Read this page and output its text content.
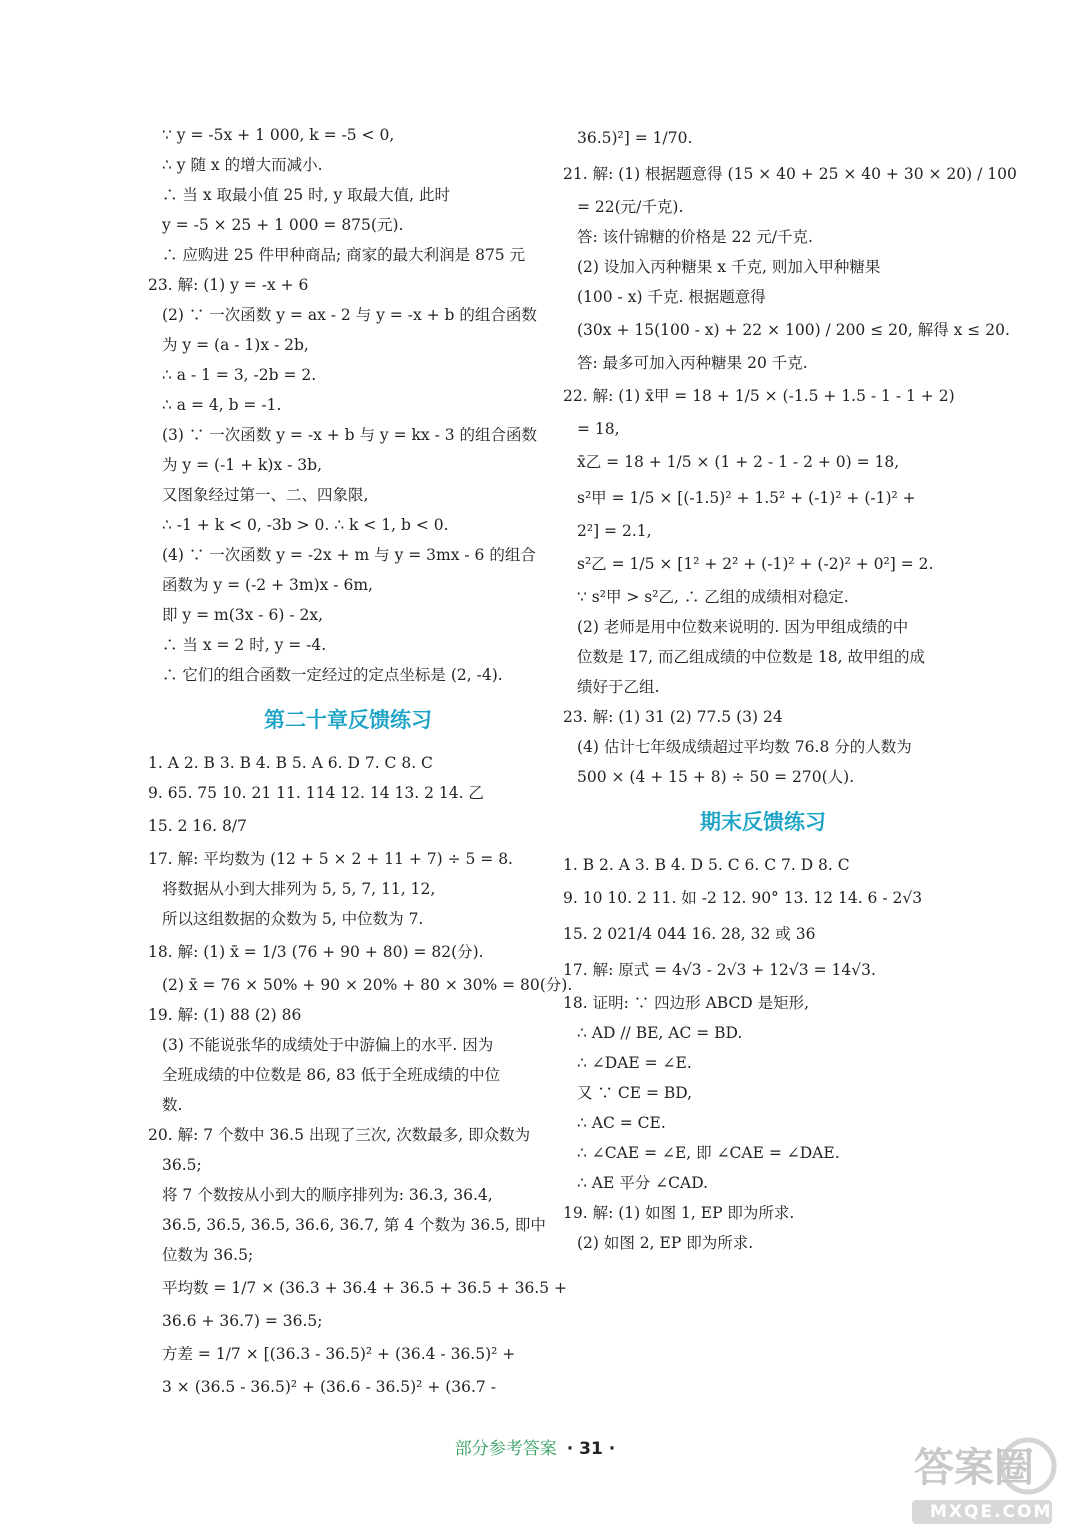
∵ y = -5x + 1 000, k = -5 < 0,
∴ y 随 x 的增大而减小.
∴ 当 x 取最小值 25 时, y 取最大值, 此时
y = -5 × 25 + 1 000 = 875(元).
∴ 应购进 25 件甲种商品; 商家的最大利润是 875 元
23. 解: (1) y = -x + 6
(2) ∵ 一次函数 y = ax - 2 与 y = -x + b 的组合函数
为 y = (a - 1)x - 2b,
∴ a - 1 = 3, -2b = 2.
∴ a = 4, b = -1.
(3) ∵ 一次函数 y = -x + b 与 y = kx - 3 的组合函数
为 y = (-1 + k)x - 3b,
又图象经过第一、二、四象限,
∴ -1 + k < 0, -3b > 0. ∴ k < 1, b < 0.
(4) ∵ 一次函数 y = -2x + m 与 y = 3mx - 6 的组合
函数为 y = (-2 + 3m)x - 6m,
即 y = m(3x - 6) - 2x,
∴ 当 x = 2 时, y = -4.
∴ 它们的组合函数一定经过的定点坐标是 (2, -4).
第二十章反馈练习
1. A 2. B 3. B 4. B 5. A 6. D 7. C 8. C
9. 65. 75 10. 21 11. 114 12. 14 13. 2 14. 乙
15. 2 16. 8/7
17. 解: 平均数为 (12 + 5 × 2 + 11 + 7) ÷ 5 = 8.
将数据从小到大排列为 5, 5, 7, 11, 12,
所以这组数据的众数为 5, 中位数为 7.
18. 解: (1) x̄ = 1/3 (76 + 90 + 80) = 82(分).
(2) x̄ = 76 × 50% + 90 × 20% + 80 × 30% = 80(分).
19. 解: (1) 88 (2) 86
(3) 不能说张华的成绩处于中游偏上的水平. 因为
全班成绩的中位数是 86, 83 低于全班成绩的中位
数.
20. 解: 7 个数中 36.5 出现了三次, 次数最多, 即众数为
36.5;
将 7 个数按从小到大的顺序排列为: 36.3, 36.4,
36.5, 36.5, 36.5, 36.6, 36.7, 第 4 个数为 36.5, 即中
位数为 36.5;
平均数 = 1/7 × (36.3 + 36.4 + 36.5 + 36.5 + 36.5 +
36.6 + 36.7) = 36.5;
方差 = 1/7 × [(36.3 - 36.5)² + (36.4 - 36.5)² +
3 × (36.5 - 36.5)² + (36.6 - 36.5)² + (36.7 -
36.5)²] = 1/70.
21. 解: (1) 根据题意得 (15 × 40 + 25 × 40 + 30 × 20) / 100
= 22(元/千克).
答: 该什锦糖的价格是 22 元/千克.
(2) 设加入丙种糖果 x 千克, 则加入甲种糖果
(100 - x) 千克. 根据题意得
(30x + 15(100 - x) + 22 × 100) / 200 ≤ 20, 解得 x ≤ 20.
答: 最多可加入丙种糖果 20 千克.
22. 解: (1) x̄甲 = 18 + 1/5 × (-1.5 + 1.5 - 1 - 1 + 2)
= 18,
x̄乙 = 18 + 1/5 × (1 + 2 - 1 - 2 + 0) = 18,
s²甲 = 1/5 × [(-1.5)² + 1.5² + (-1)² + (-1)² +
2²] = 2.1,
s²乙 = 1/5 × [1² + 2² + (-1)² + (-2)² + 0²] = 2.
∵ s²甲 > s²乙, ∴ 乙组的成绩相对稳定.
(2) 老师是用中位数来说明的. 因为甲组成绩的中
位数是 17, 而乙组成绩的中位数是 18, 故甲组的成
绩好于乙组.
23. 解: (1) 31 (2) 77.5 (3) 24
(4) 估计七年级成绩超过平均数 76.8 分的人数为
500 × (4 + 15 + 8) ÷ 50 = 270(人).
期末反馈练习
1. B 2. A 3. B 4. D 5. C 6. C 7. D 8. C
9. 10 10. 2 11. 如 -2 12. 90° 13. 12 14. 6 - 2√3
15. 2 021/4 044 16. 28, 32 或 36
17. 解: 原式 = 4√3 - 2√3 + 12√3 = 14√3.
18. 证明: ∵ 四边形 ABCD 是矩形,
∴ AD // BE, AC = BD.
∴ ∠DAE = ∠E.
又 ∵ CE = BD,
∴ AC = CE.
∴ ∠CAE = ∠E, 即 ∠CAE = ∠DAE.
∴ AE 平分 ∠CAD.
19. 解: (1) 如图 1, EP 即为所求.
(2) 如图 2, EP 即为所求.
部分参考答案 · 31 ·	答案圈
MXQE.COM
